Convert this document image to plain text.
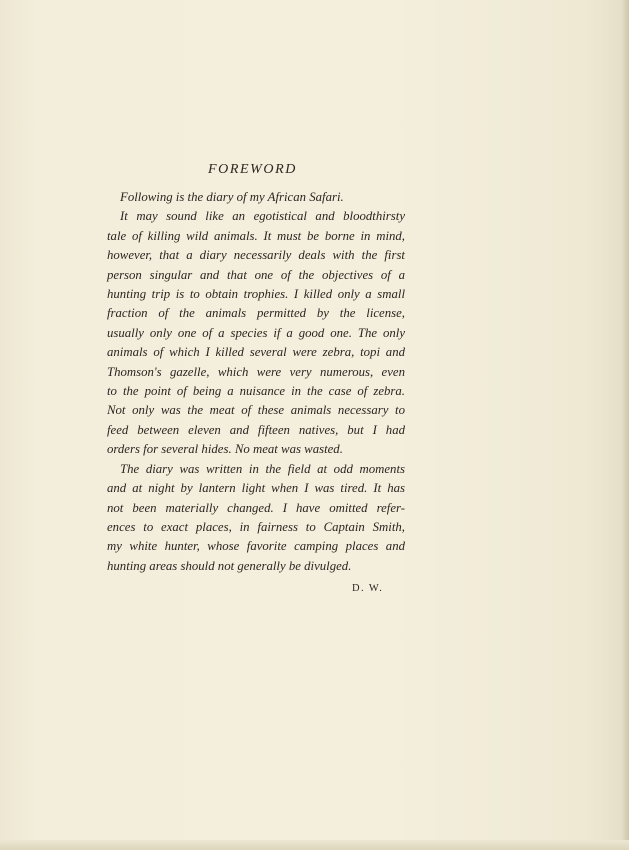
FOREWORD
Following is the diary of my African Safari.
It may sound like an egotistical and bloodthirsty
tale of killing wild animals. It must be borne in mind,
however, that a diary necessarily deals with the first
person singular and that one of the objectives of a
hunting trip is to obtain trophies. I killed only a small
fraction of the animals permitted by the license,
usually only one of a species if a good one. The only
animals of which I killed several were zebra, topi and
Thomson's gazelle, which were very numerous, even
to the point of being a nuisance in the case of zebra.
Not only was the meat of these animals necessary to
feed between eleven and fifteen natives, but I had
orders for several hides. No meat was wasted.
The diary was written in the field at odd moments
and at night by lantern light when I was tired. It has
not been materially changed. I have omitted refer-
ences to exact places, in fairness to Captain Smith,
my white hunter, whose favorite camping places and
hunting areas should not generally be divulged.

D. W.
